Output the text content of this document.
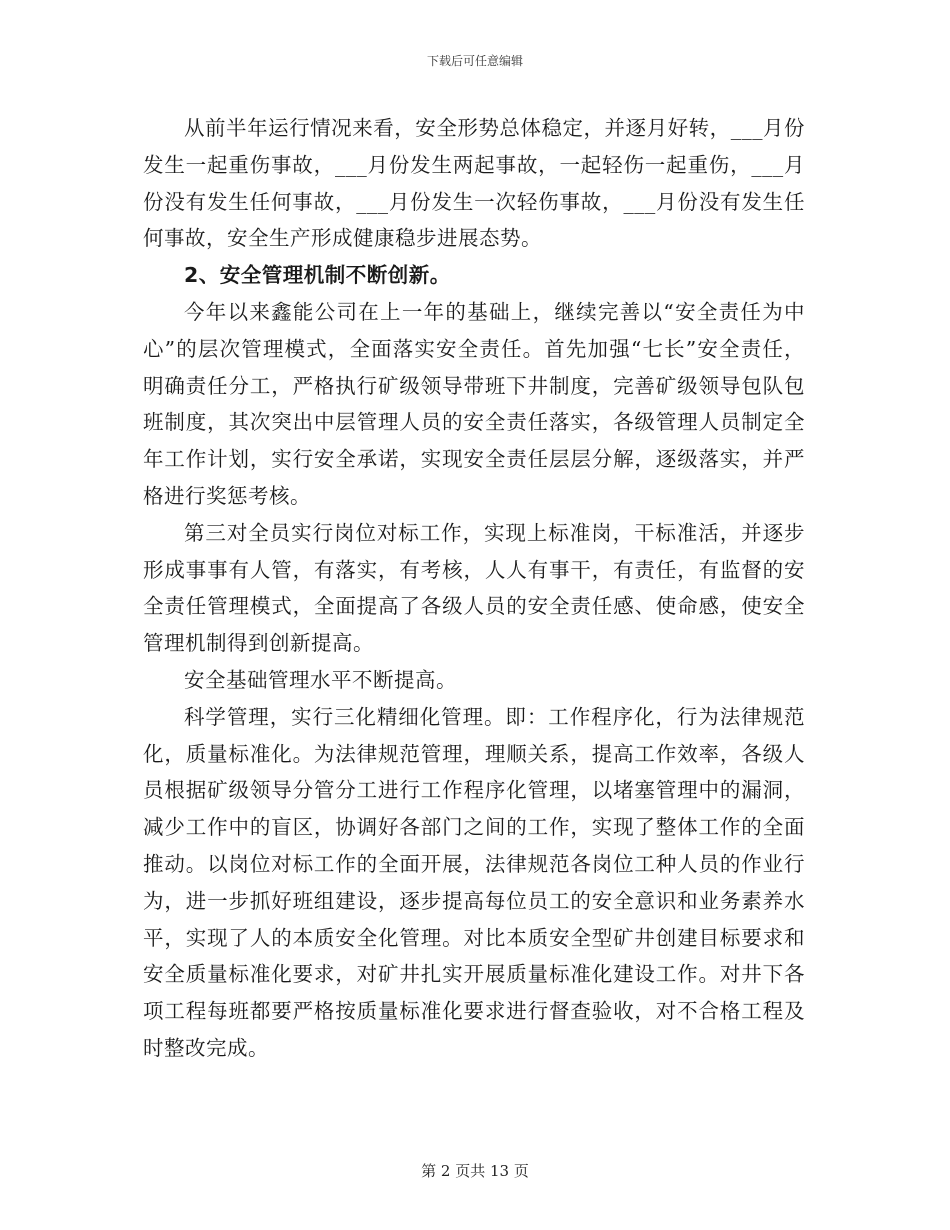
下载后可任意编辑

从前半年运行情况来看，安全形势总体稳定，并逐月好转，___月份发生一起重伤事故，___月份发生两起事故，一起轻伤一起重伤，___月份没有发生任何事故，___月份发生一次轻伤事故，___月份没有发生任何事故，安全生产形成健康稳步进展态势。

2、安全管理机制不断创新。

今年以来鑫能公司在上一年的基础上，继续完善以“安全责任为中心”的层次管理模式，全面落实安全责任。首先加强“七长”安全责任，明确责任分工，严格执行矿级领导带班下井制度，完善矿级领导包队包班制度，其次突出中层管理人员的安全责任落实，各级管理人员制定全年工作计划，实行安全承诺，实现安全责任层层分解，逐级落实，并严格进行奖惩考核。

第三对全员实行岗位对标工作，实现上标准岗，干标准活，并逐步形成事事有人管，有落实，有考核，人人有事干，有责任，有监督的安全责任管理模式，全面提高了各级人员的安全责任感、使命感，使安全管理机制得到创新提高。

安全基础管理水平不断提高。

科学管理，实行三化精细化管理。即：工作程序化，行为法律规范化，质量标准化。为法律规范管理，理顺关系，提高工作效率，各级人员根据矿级领导分管分工进行工作程序化管理，以堵塞管理中的漏洞，减少工作中的盲区，协调好各部门之间的工作，实现了整体工作的全面推动。以岗位对标工作的全面开展，法律规范各岗位工种人员的作业行为，进一步抓好班组建设，逐步提高每位员工的安全意识和业务素养水平，实现了人的本质安全化管理。对比本质安全型矿井创建目标要求和安全质量标准化要求，对矿井扎实开展质量标准化建设工作。对井下各项工程每班都要严格按质量标准化要求进行督查验收，对不合格工程及时整改完成。

第 2 页共 13 页
